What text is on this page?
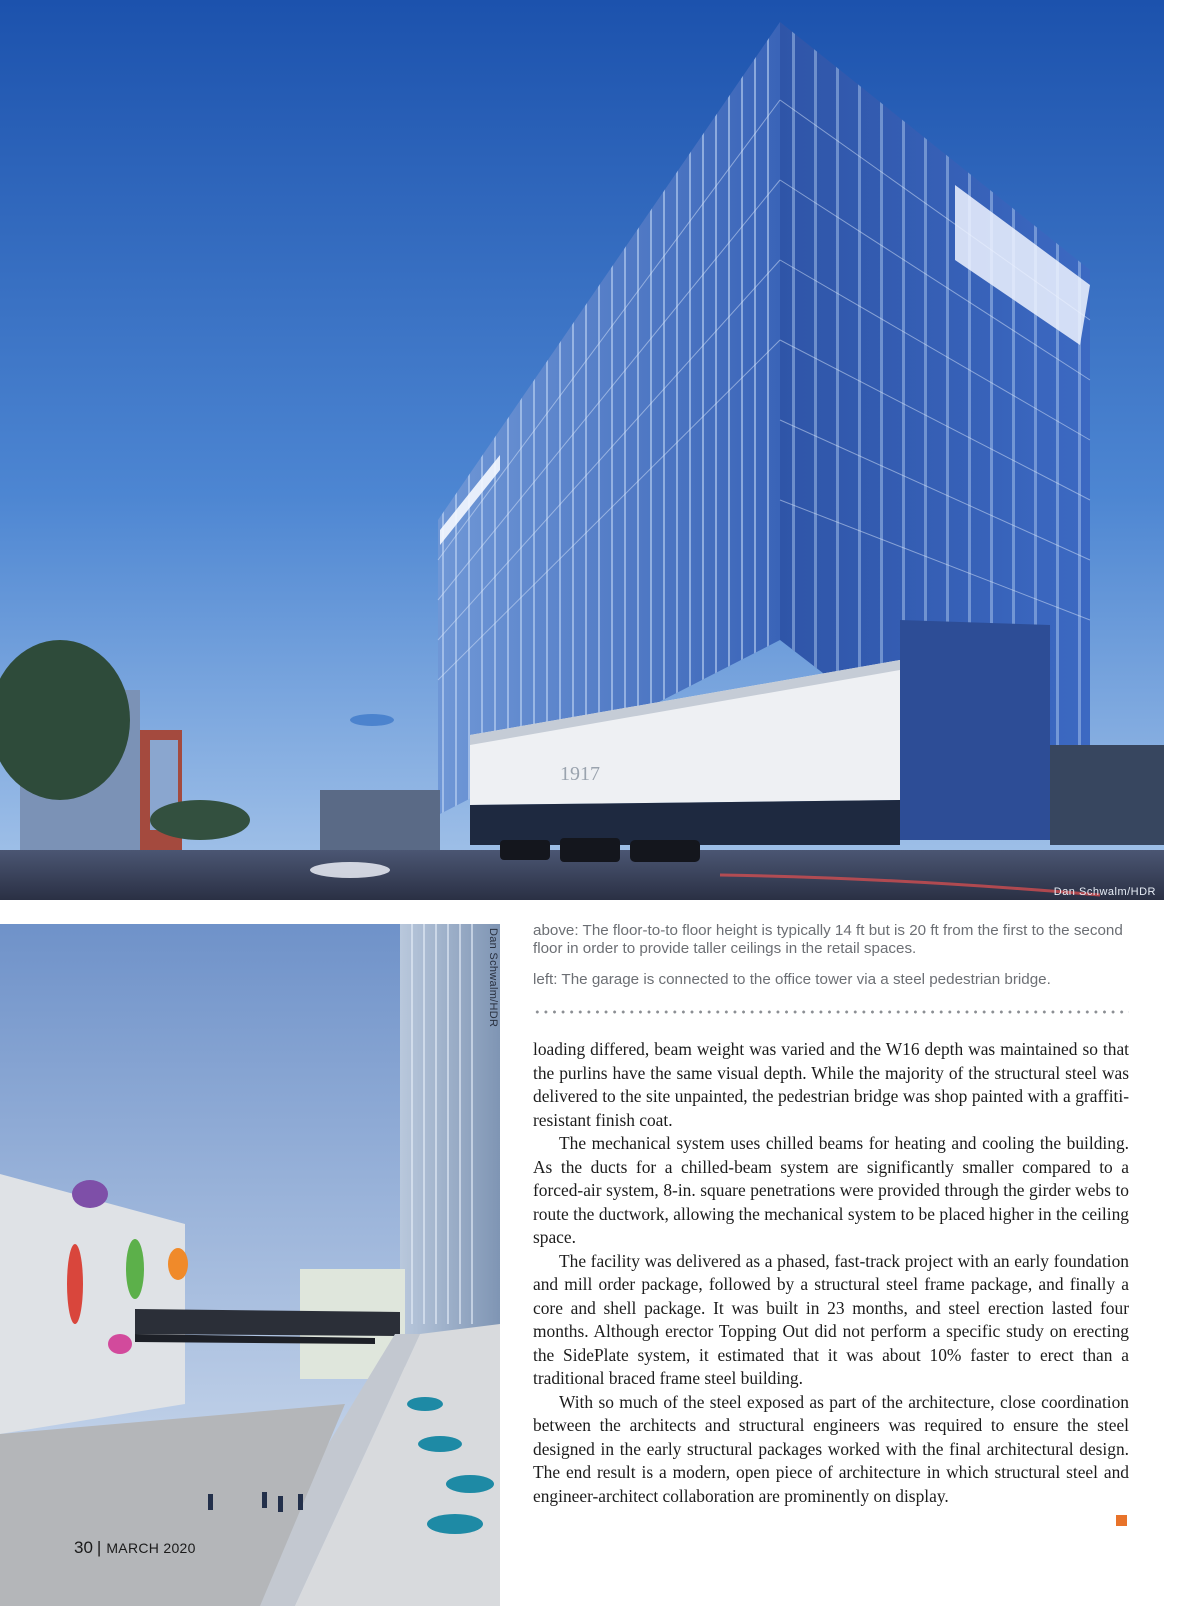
1917
Dan Schwalm/HDR
Dan Schwalm/HDR
30 | MARCH 2020

above: The floor-to-to floor height is typically 14 ft but is 20 ft from the first to the second floor in order to provide taller ceilings in the retail spaces.

left: The garage is connected to the office tower via a steel pedestrian bridge.

loading differed, beam weight was varied and the W16 depth was maintained so that the purlins have the same visual depth. While the majority of the structural steel was delivered to the site unpainted, the pedestrian bridge was shop painted with a graffiti-resistant finish coat.

The mechanical system uses chilled beams for heating and cooling the building. As the ducts for a chilled-beam system are significantly smaller compared to a forced-air system, 8-in. square penetrations were provided through the girder webs to route the ductwork, allowing the mechanical system to be placed higher in the ceiling space.

The facility was delivered as a phased, fast-track project with an early foundation and mill order package, followed by a structural steel frame package, and finally a core and shell package. It was built in 23 months, and steel erection lasted four months. Although erector Topping Out did not perform a specific study on erecting the SidePlate system, it estimated that it was about 10% faster to erect than a traditional braced frame steel building.

With so much of the steel exposed as part of the architecture, close coordination between the architects and structural engineers was required to ensure the steel designed in the early structural packages worked with the final architectural design. The end result is a modern, open piece of architecture in which structural steel and engineer-architect collaboration are prominently on display.
